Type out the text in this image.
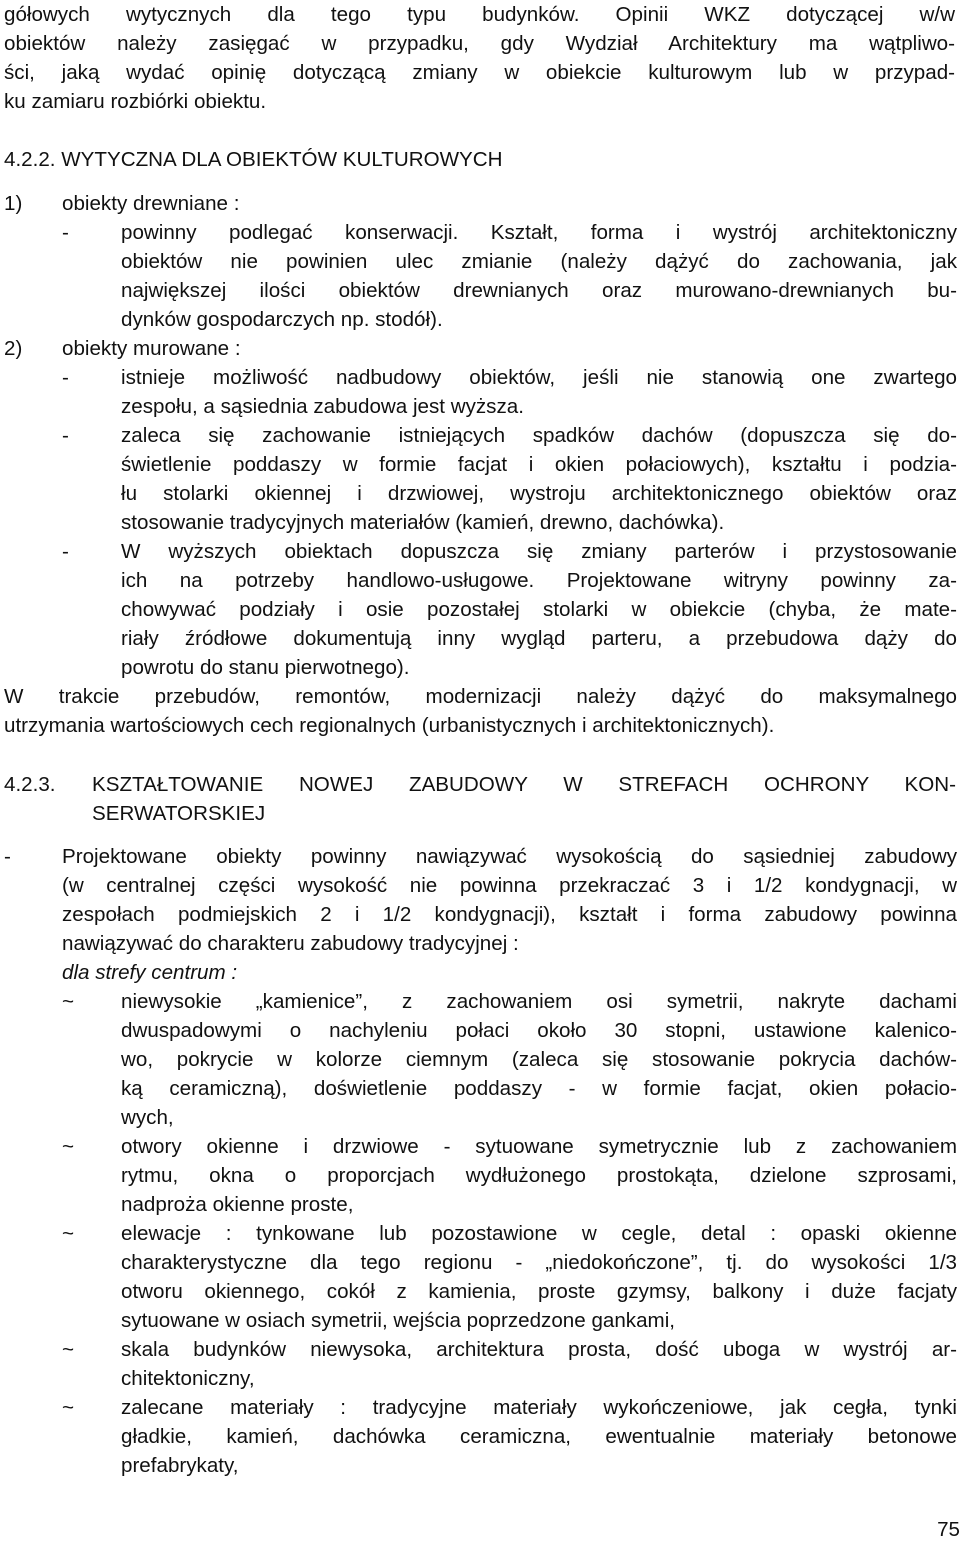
gółowych wytycznych dla tego typu budynków. Opinii WKZ dotyczącej w/w
obiektów należy zasięgać w przypadku, gdy Wydział Architektury ma wątpliwo-
ści, jaką wydać opinię dotyczącą zmiany w obiekcie kulturowym lub w przypad-
ku zamiaru rozbiórki obiektu.
4.2.2. WYTYCZNA DLA OBIEKTÓW KULTUROWYCH
1) obiekty drewniane :
-	powinny podlegać konserwacji. Kształt, forma i wystrój architektoniczny
obiektów nie powinien ulec zmianie (należy dążyć do zachowania, jak
największej ilości obiektów drewnianych oraz murowano-drewnianych bu-
dynków gospodarczych np. stodół).
2) obiekty murowane :
-	istnieje możliwość nadbudowy obiektów, jeśli nie stanowią one zwartego
zespołu, a sąsiednia zabudowa jest wyższa.
-	zaleca się zachowanie istniejących spadków dachów (dopuszcza się do-
świetlenie poddaszy w formie facjat i okien połaciowych), kształtu i podzia-
łu stolarki okiennej i drzwiowej, wystroju architektonicznego obiektów oraz
stosowanie tradycyjnych materiałów (kamień, drewno, dachówka).
-	W wyższych obiektach dopuszcza się zmiany parterów i przystosowanie
ich na potrzeby handlowo-usługowe. Projektowane witryny powinny za-
chowywać podziały i osie pozostałej stolarki w obiekcie (chyba, że mate-
riały źródłowe dokumentują inny wygląd parteru, a przebudowa dąży do
powrotu do stanu pierwotnego).
W trakcie przebudów, remontów, modernizacji należy dążyć do maksymalnego
utrzymania wartościowych cech regionalnych (urbanistycznych i architektonicznych).
4.2.3. KSZTAŁTOWANIE NOWEJ ZABUDOWY W STREFACH OCHRONY KON-
SERWATORSKIEJ
- Projektowane obiekty powinny nawiązywać wysokością do sąsiedniej zabudowy
(w centralnej części wysokość nie powinna przekraczać 3 i 1/2 kondygnacji, w
zespołach podmiejskich 2 i 1/2 kondygnacji), kształt i forma zabudowy powinna
nawiązywać do charakteru zabudowy tradycyjnej :
dla strefy centrum :
~ niewysokie „kamienice”, z zachowaniem osi symetrii, nakryte dachami
dwuspadowymi o nachyleniu połaci około 30 stopni, ustawione kalenico-
wo, pokrycie w kolorze ciemnym (zaleca się stosowanie pokrycia dachów-
ką ceramiczną), doświetlenie poddaszy - w formie facjat, okien połacio-
wych,
~ otwory okienne i drzwiowe - sytuowane symetrycznie lub z zachowaniem
rytmu, okna o proporcjach wydłużonego prostokąta, dzielone szprosami,
nadproża okienne proste,
~ elewacje : tynkowane lub pozostawione w cegle, detal : opaski okienne
charakterystyczne dla tego regionu - „niedokończone”, tj. do wysokości 1/3
otworu okiennego, cokół z kamienia, proste gzymsy, balkony i duże facjaty
sytuowane w osiach symetrii, wejścia poprzedzone gankami,
~ skala budynków niewysoka, architektura prosta, dość uboga w wystrój ar-
chitektoniczny,
~ zalecane materiały : tradycyjne materiały wykończeniowe, jak cegła, tynki
gładkie, kamień, dachówka ceramiczna, ewentualnie materiały betonowe
prefabrykaty,
75
